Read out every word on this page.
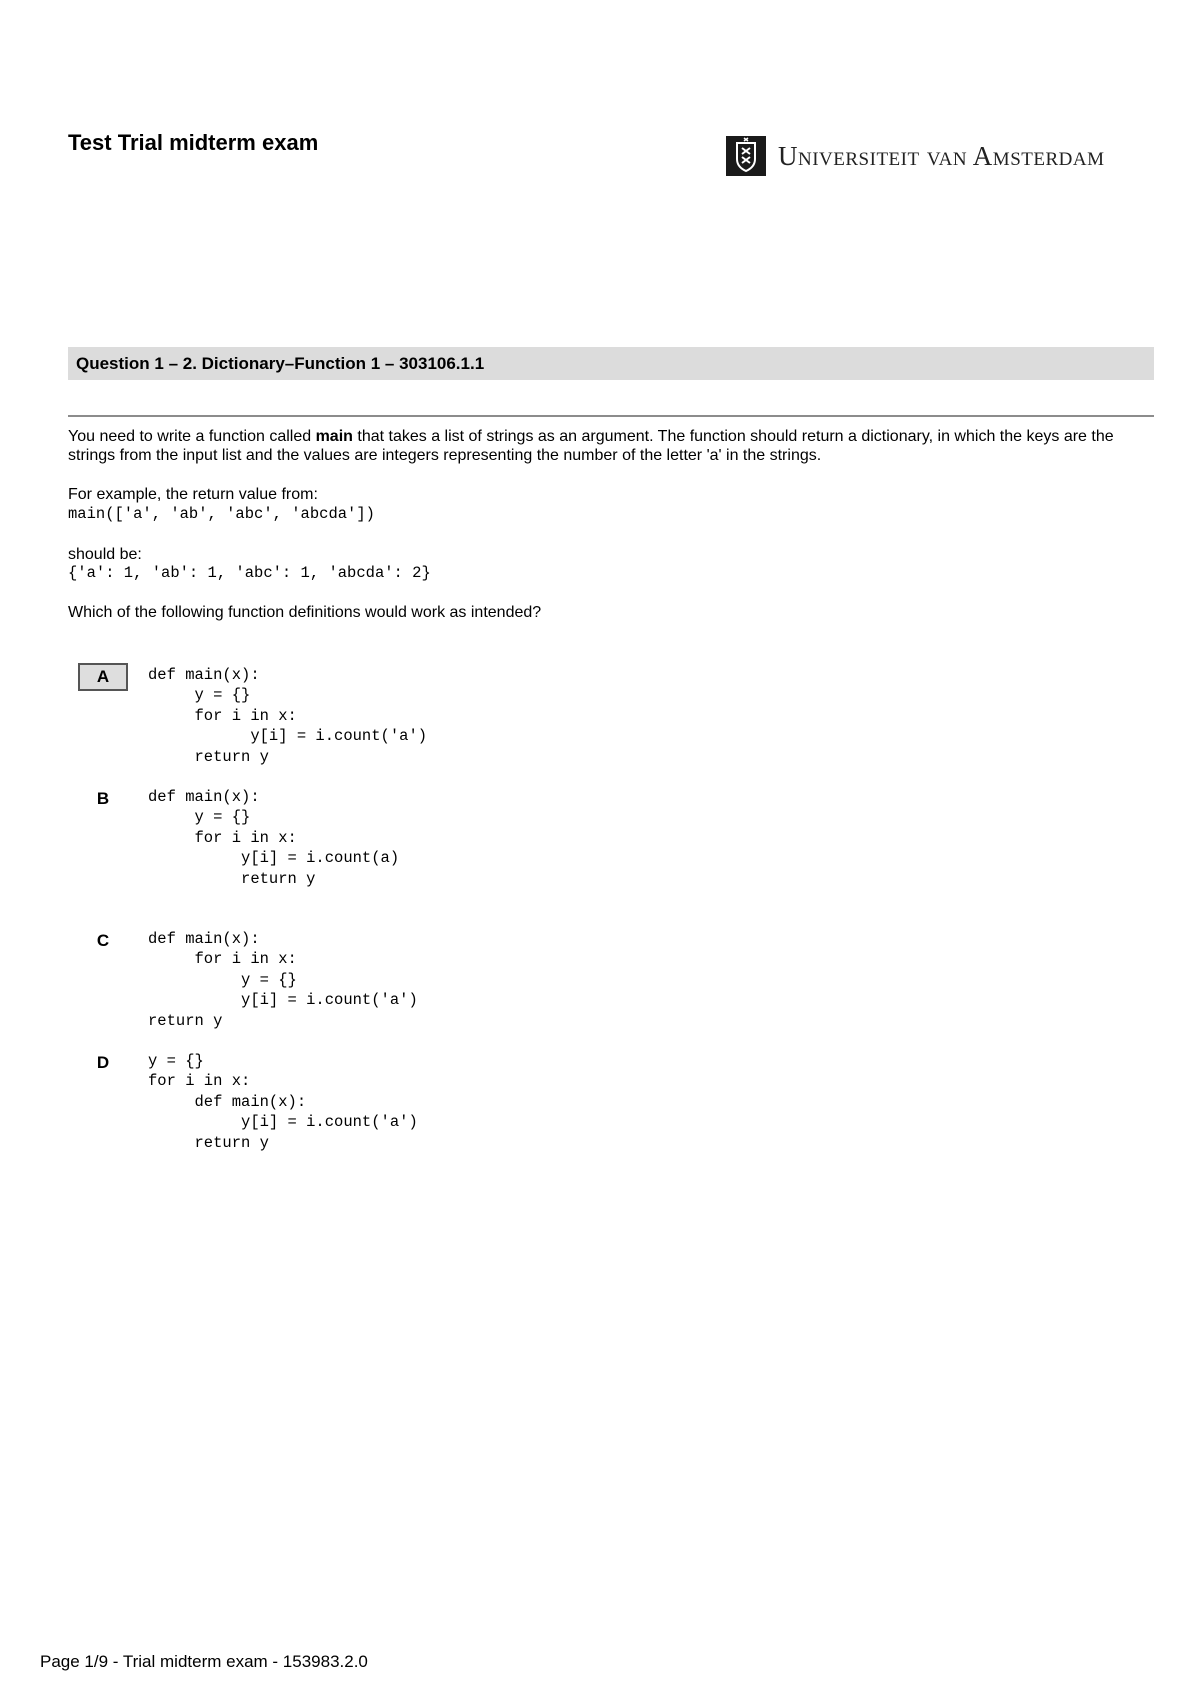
Test Trial midterm exam	Universiteit van Amsterdam
Question 1 – 2. Dictionary–Function 1 – 303106.1.1
You need to write a function called main that takes a list of strings as an argument. The function should return a dictionary, in which the keys are the strings from the input list and the values are integers representing the number of the letter 'a' in the strings.
For example, the return value from:
main(['a', 'ab', 'abc', 'abcda'])
should be:
{'a': 1, 'ab': 1, 'abc': 1, 'abcda': 2}
Which of the following function definitions would work as intended?
A	def main(x):
y = {}
for i in x:
y[i] = i.count('a')
return y
B	def main(x):
y = {}
for i in x:
y[i] = i.count(a)
return y
C	def main(x):
for i in x:
y = {}
y[i] = i.count('a')
return y
D	y = {}
for i in x:
def main(x):
y[i] = i.count('a')
return y
Page 1/9 - Trial midterm exam - 153983.2.0
